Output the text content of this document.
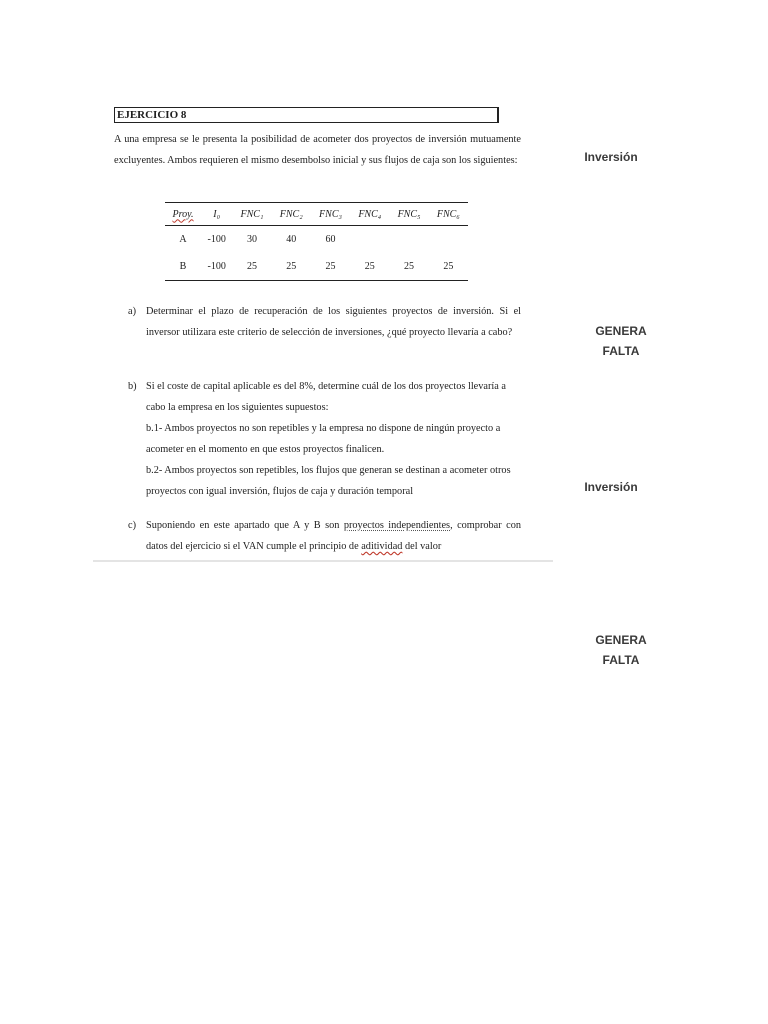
EJERCICIO 8
A una empresa se le presenta la posibilidad de acometer dos proyectos de inversión mutuamente excluyentes. Ambos requieren el mismo desembolso inicial y sus flujos de caja son los siguientes:
Proy.	I₀	FNC₁	FNC₂	FNC₃	FNC₄	FNC₅	FNC₆
A	-100	30	40	60			
B	-100	25	25	25	25	25	25
a) Determinar el plazo de recuperación de los siguientes proyectos de inversión. Si el inversor utilizara este criterio de selección de inversiones, ¿qué proyecto llevaría a cabo?
b) Si el coste de capital aplicable es del 8%, determine cuál de los dos proyectos llevaría a cabo la empresa en los siguientes supuestos:
b.1- Ambos proyectos no son repetibles y la empresa no dispone de ningún proyecto a acometer en el momento en que estos proyectos finalicen.
b.2- Ambos proyectos son repetibles, los flujos que generan se destinan a acometer otros proyectos con igual inversión, flujos de caja y duración temporal
c) Suponiendo en este apartado que A y B son proyectos independientes, comprobar con datos del ejercicio si el VAN cumple el principio de aditividad del valor
Inversión
GENERA
FALTA
Inversión
GENERA
FALTA
